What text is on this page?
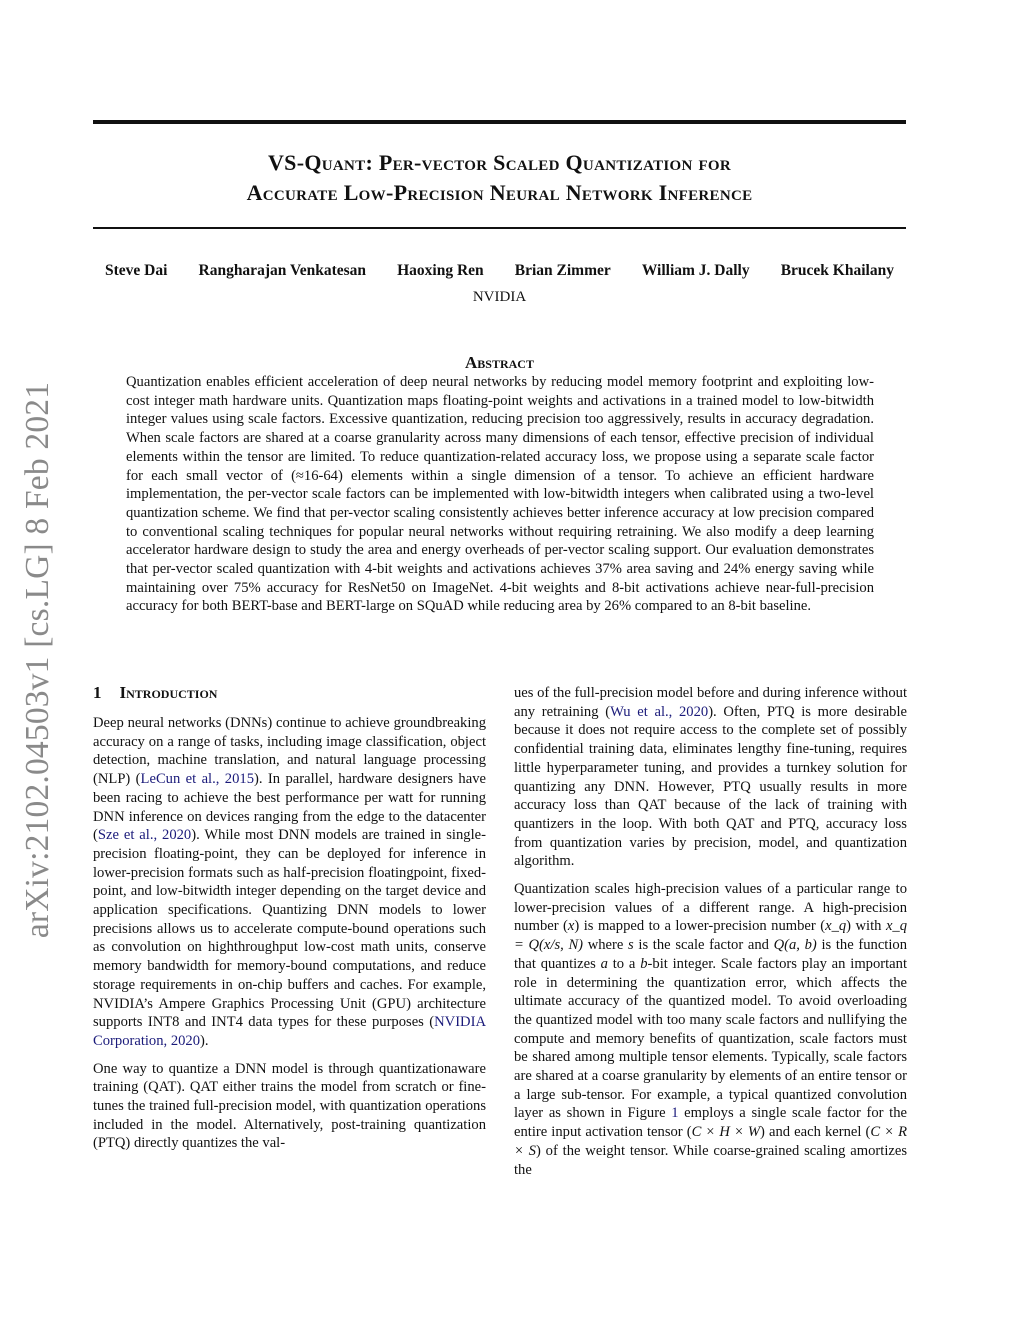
arXiv:2102.04503v1 [cs.LG] 8 Feb 2021
VS-Quant: Per-vector Scaled Quantization for
Accurate Low-Precision Neural Network Inference
Steve Dai Rangharajan Venkatesan Haoxing Ren Brian Zimmer William J. Dally Brucek Khailany
NVIDIA
Abstract
Quantization enables efficient acceleration of deep neural networks by reducing model memory footprint and exploiting low-cost integer math hardware units. Quantization maps floating-point weights and activations in a trained model to low-bitwidth integer values using scale factors. Excessive quantization, reducing precision too aggressively, results in accuracy degradation. When scale factors are shared at a coarse granularity across many dimensions of each tensor, effective precision of individual elements within the tensor are limited. To reduce quantization-related accuracy loss, we propose using a separate scale factor for each small vector of (≈16-64) elements within a single dimension of a tensor. To achieve an efficient hardware implementation, the per-vector scale factors can be implemented with low-bitwidth integers when calibrated using a two-level quantization scheme. We find that per-vector scaling consistently achieves better inference accuracy at low precision compared to conventional scaling techniques for popular neural networks without requiring retraining. We also modify a deep learning accelerator hardware design to study the area and energy overheads of per-vector scaling support. Our evaluation demonstrates that per-vector scaled quantization with 4-bit weights and activations achieves 37% area saving and 24% energy saving while maintaining over 75% accuracy for ResNet50 on ImageNet. 4-bit weights and 8-bit activations achieve near-full-precision accuracy for both BERT-base and BERT-large on SQuAD while reducing area by 26% compared to an 8-bit baseline.
1 Introduction

Deep neural networks (DNNs) continue to achieve groundbreaking accuracy on a range of tasks, including image classification, object detection, machine translation, and natural language processing (NLP) (LeCun et al., 2015). In parallel, hardware designers have been racing to achieve the best performance per watt for running DNN inference on devices ranging from the edge to the datacenter (Sze et al., 2020). While most DNN models are trained in singleprecision floating-point, they can be deployed for inference in lower-precision formats such as half-precision floatingpoint, fixed-point, and low-bitwidth integer depending on the target device and application specifications. Quantizing DNN models to lower precisions allows us to accelerate compute-bound operations such as convolution on highthroughput low-cost math units, conserve memory bandwidth for memory-bound computations, and reduce storage requirements in on-chip buffers and caches. For example, NVIDIA’s Ampere Graphics Processing Unit (GPU) architecture supports INT8 and INT4 data types for these purposes (NVIDIA Corporation, 2020).

One way to quantize a DNN model is through quantizationaware training (QAT). QAT either trains the model from scratch or fine-tunes the trained full-precision model, with quantization operations included in the model. Alternatively, post-training quantization (PTQ) directly quantizes the val-

ues of the full-precision model before and during inference without any retraining (Wu et al., 2020). Often, PTQ is more desirable because it does not require access to the complete set of possibly confidential training data, eliminates lengthy fine-tuning, requires little hyperparameter tuning, and provides a turnkey solution for quantizing any DNN. However, PTQ usually results in more accuracy loss than QAT because of the lack of training with quantizers in the loop. With both QAT and PTQ, accuracy loss from quantization varies by precision, model, and quantization algorithm.

Quantization scales high-precision values of a particular range to lower-precision values of a different range. A high-precision number (x) is mapped to a lower-precision number (x_q) with x_q = Q(x/s, N) where s is the scale factor and Q(a, b) is the function that quantizes a to a b-bit integer. Scale factors play an important role in determining the quantization error, which affects the ultimate accuracy of the quantized model. To avoid overloading the quantized model with too many scale factors and nullifying the compute and memory benefits of quantization, scale factors must be shared among multiple tensor elements. Typically, scale factors are shared at a coarse granularity by elements of an entire tensor or a large sub-tensor. For example, a typical quantized convolution layer as shown in Figure 1 employs a single scale factor for the entire input activation tensor (C × H × W) and each kernel (C × R × S) of the weight tensor. While coarse-grained scaling amortizes the
